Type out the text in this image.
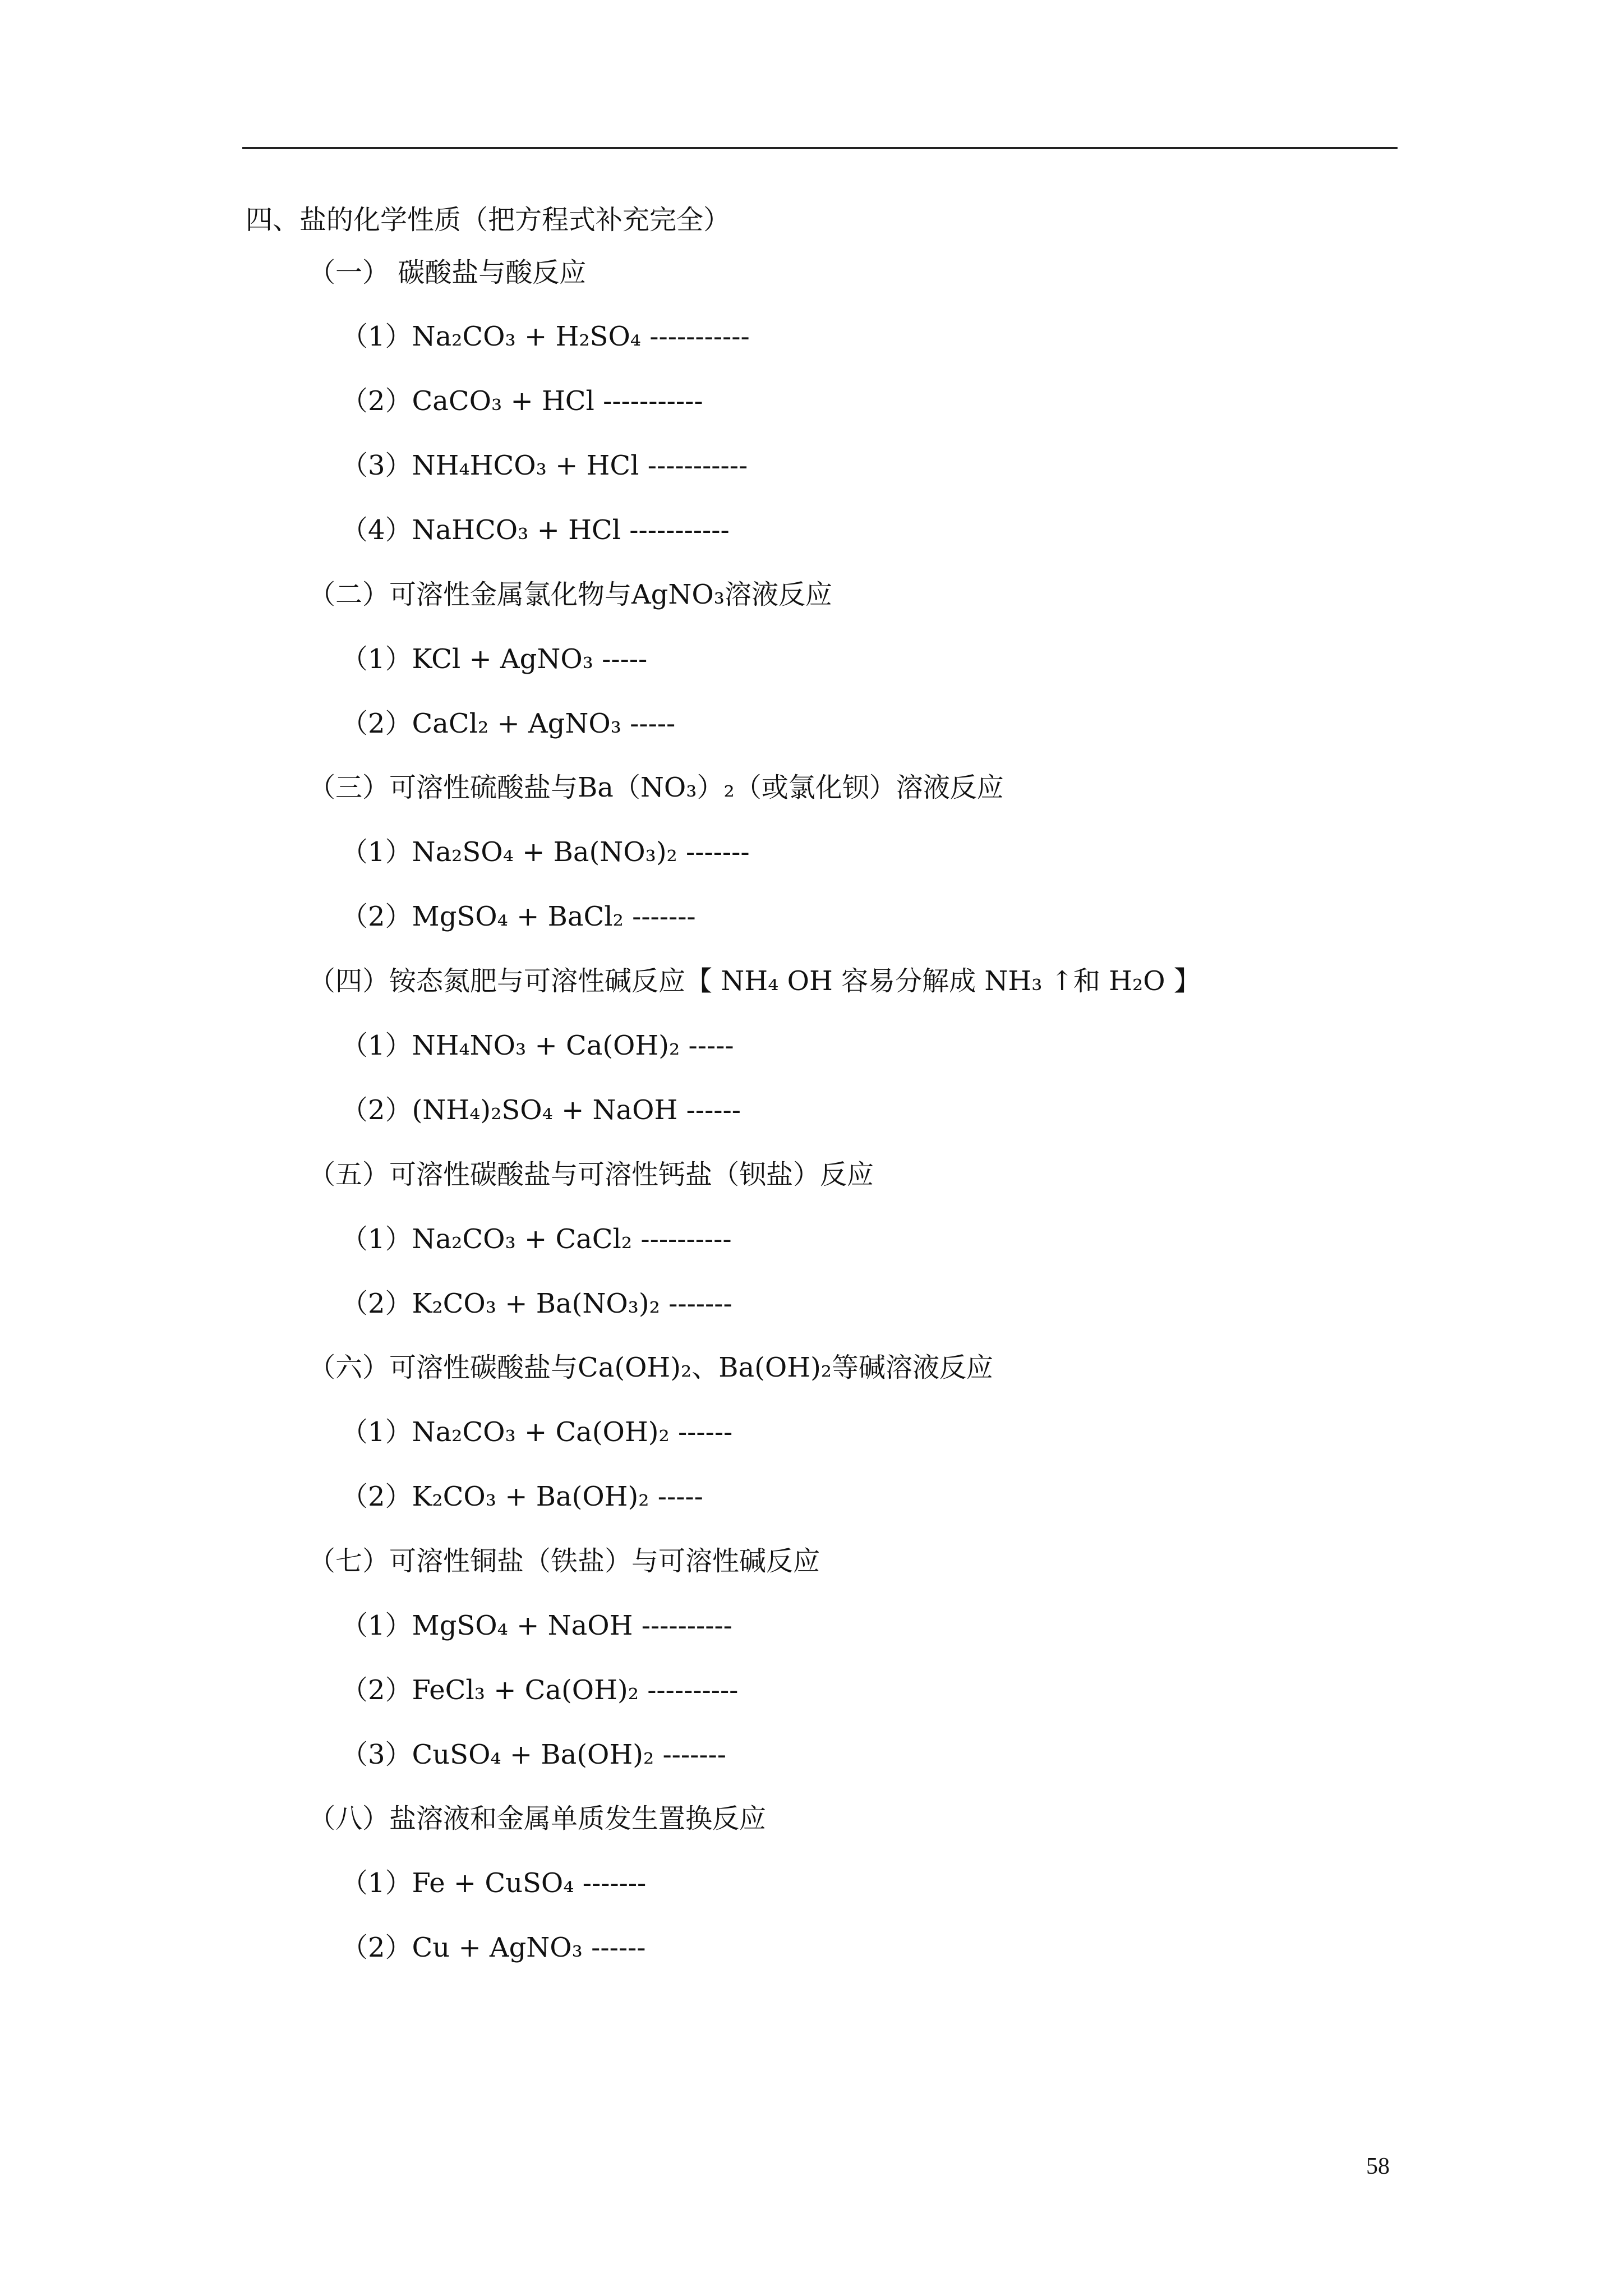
四、盐的化学性质（把方程式补充完全）
（一） 碳酸盐与酸反应
（1）Na₂CO₃ + H₂SO₄ -----------
（2）CaCO₃ + HCl -----------
（3）NH₄HCO₃ + HCl -----------
（4）NaHCO₃ + HCl -----------
（二）可溶性金属氯化物与AgNO₃溶液反应
（1）KCl + AgNO₃ -----
（2）CaCl₂ + AgNO₃ -----
（三）可溶性硫酸盐与Ba（NO₃）₂（或氯化钡）溶液反应
（1）Na₂SO₄ + Ba(NO₃)₂ -------
（2）MgSO₄ + BaCl₂ -------
（四）铵态氮肥与可溶性碱反应【 NH₄ OH 容易分解成 NH₃ ↑和 H₂O 】
（1）NH₄NO₃ + Ca(OH)₂ -----
（2）(NH₄)₂SO₄ + NaOH ------
（五）可溶性碳酸盐与可溶性钙盐（钡盐）反应
（1）Na₂CO₃ + CaCl₂ ----------
（2）K₂CO₃ + Ba(NO₃)₂ -------
（六）可溶性碳酸盐与Ca(OH)₂、Ba(OH)₂等碱溶液反应
（1）Na₂CO₃ + Ca(OH)₂ ------
（2）K₂CO₃ + Ba(OH)₂ -----
（七）可溶性铜盐（铁盐）与可溶性碱反应
（1）MgSO₄ + NaOH ----------
（2）FeCl₃ + Ca(OH)₂ ----------
（3）CuSO₄ + Ba(OH)₂ -------
（八）盐溶液和金属单质发生置换反应
（1）Fe + CuSO₄ -------
（2）Cu + AgNO₃ ------
58
